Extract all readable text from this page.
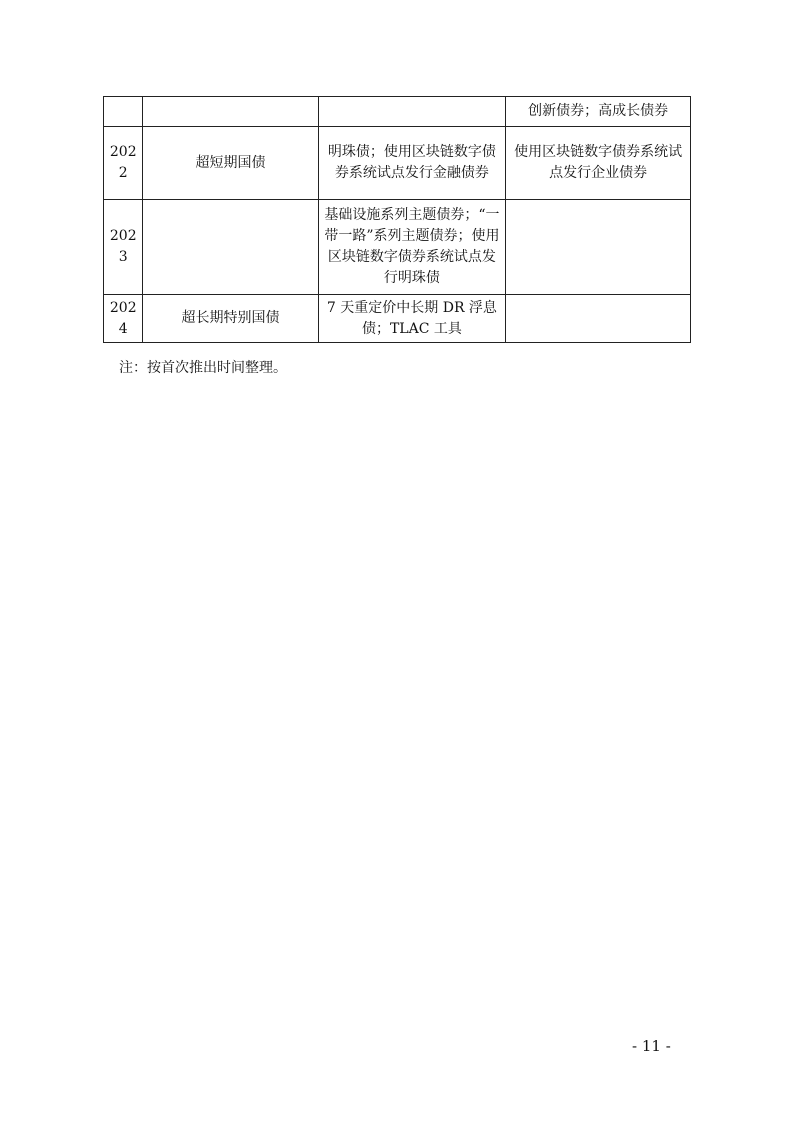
			创新债券；高成长债券
2022	超短期国债	明珠债；使用区块链数字债券系统试点发行金融债券	使用区块链数字债券系统试点发行企业债券
2023		基础设施系列主题债券；“一带一路”系列主题债券；使用区块链数字债券系统试点发行明珠债	
2024	超长期特别国债	7 天重定价中长期 DR 浮息债；TLAC 工具	
注：按首次推出时间整理。
- 11 -
